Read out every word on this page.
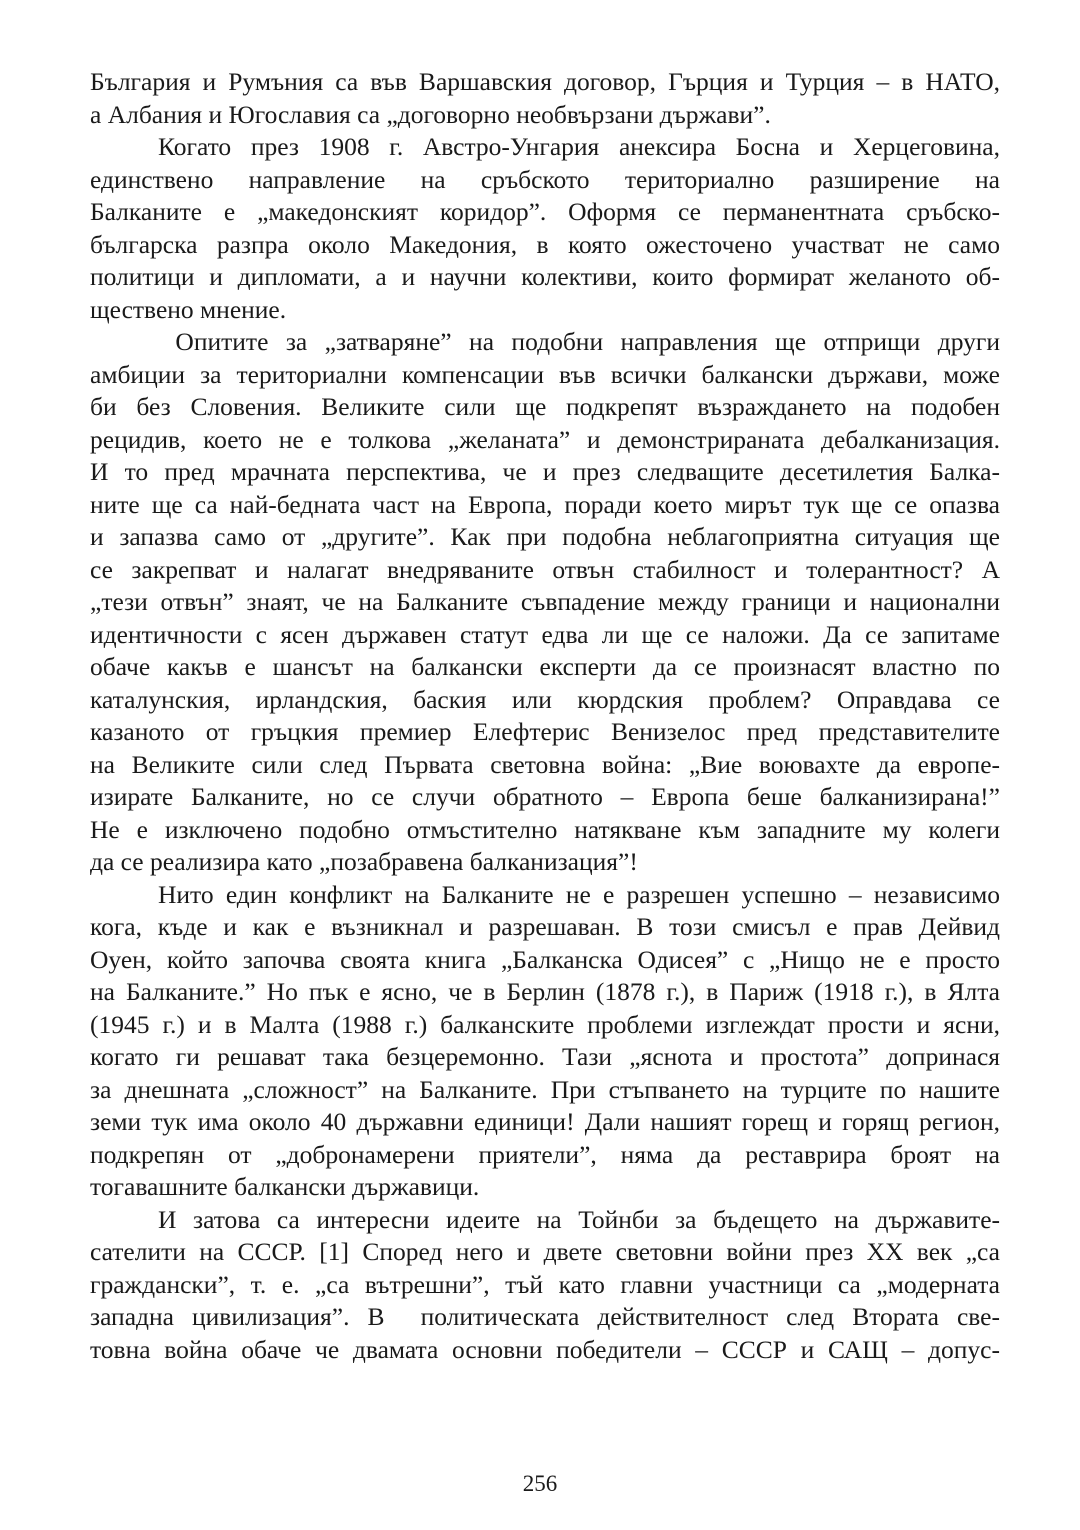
България и Румъния са във Варшавския договор, Гърция и Турция – в НАТО,
а Албания и Югославия са „договорно необвързани държави”.
Когато през 1908 г. Австро-Унгария анексира Босна и Херцеговина,
единствено направление на сръбското териториално разширение на
Балканите е „македонският коридор”. Оформя се перманентната сръбско-
българска разпра около Македония, в която ожесточено участват не само
политици и дипломати, а и научни колективи, които формират желаното об-
ществено мнение.
Опитите за „затваряне” на подобни направления ще отприщи други
амбиции за териториални компенсации във всички балкански държави, може
би без Словения. Великите сили ще подкрепят възраждането на подобен
рецидив, което не е толкова „желаната” и демонстрираната дебалканизация.
И то пред мрачната перспектива, че и през следващите десетилетия Балка-
ните ще са най-бедната част на Европа, поради което мирът тук ще се опазва
и запазва само от „другите”. Как при подобна неблагоприятна ситуация ще
се закрепват и налагат внедряваните отвън стабилност и толерантност? А
„тези отвън” знаят, че на Балканите съвпадение между граници и национални
идентичности с ясен държавен статут едва ли ще се наложи. Да се запитаме
обаче какъв е шансът на балкански експерти да се произнасят властно по
каталунския, ирландския, баския или кюрдския проблем? Оправдава се
казаното от гръцкия премиер Елефтерис Венизелос пред представителите
на Великите сили след Първата световна война: „Вие воювахте да европе-
изирате Балканите, но се случи обратното – Европа беше балканизирана!”
Не е изключено подобно отмъстително натякване към западните му колеги
да се реализира като „позабравена балканизация”!
Нито един конфликт на Балканите не е разрешен успешно – независимо
кога, къде и как е възникнал и разрешаван. В този смисъл е прав Дейвид
Оуен, който започва своята книга „Балканска Одисея” с „Нищо не е просто
на Балканите.” Но пък е ясно, че в Берлин (1878 г.), в Париж (1918 г.), в Ялта
(1945 г.) и в Малта (1988 г.) балканските проблеми изглеждат прости и ясни,
когато ги решават така безцеремонно. Тази „яснота и простота” допринася
за днешната „сложност” на Балканите. При стъпването на турците по нашите
земи тук има около 40 държавни единици! Дали нашият горещ и горящ регион,
подкрепян от „добронамерени приятели”, няма да реставрира броят на
тогавашните балкански държавици.
И затова са интересни идеите на Тойнби за бъдещето на държавите-
сателити на СССР. [1] Според него и двете световни войни през ХХ век „са
граждански”, т. е. „са вътрешни”, тъй като главни участници са „модерната
западна цивилизация”. В  политическата действителност след Втората све-
товна война обаче че двамата основни победители – СССР и САЩ – допус-
256
